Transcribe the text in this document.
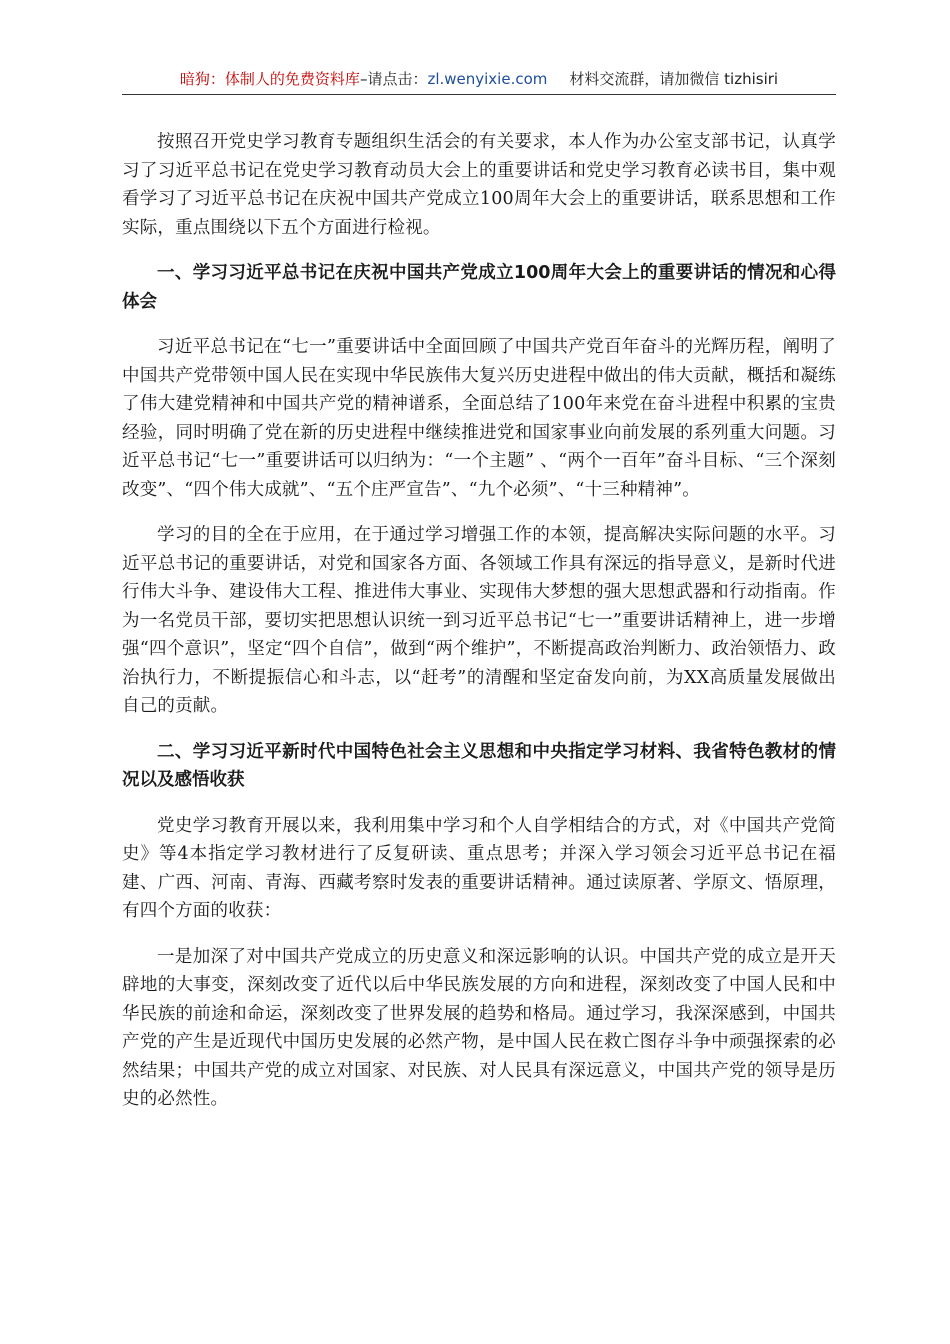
暗狗：体制人的免费资料库–请点击：zl.wenyixie.com 材料交流群，请加微信 tizhisiri

按照召开党史学习教育专题组织生活会的有关要求，本人作为办公室支部书记，认真学习了习近平总书记在党史学习教育动员大会上的重要讲话和党史学习教育必读书目，集中观看学习了习近平总书记在庆祝中国共产党成立100周年大会上的重要讲话，联系思想和工作实际，重点围绕以下五个方面进行检视。

一、学习习近平总书记在庆祝中国共产党成立100周年大会上的重要讲话的情况和心得体会

习近平总书记在“七一”重要讲话中全面回顾了中国共产党百年奋斗的光辉历程，阐明了中国共产党带领中国人民在实现中华民族伟大复兴历史进程中做出的伟大贡献，概括和凝练了伟大建党精神和中国共产党的精神谱系，全面总结了100年来党在奋斗进程中积累的宝贵经验，同时明确了党在新的历史进程中继续推进党和国家事业向前发展的系列重大问题。习近平总书记“七一”重要讲话可以归纳为：“一个主题” 、“两个一百年”奋斗目标、“三个深刻改变”、“四个伟大成就”、“五个庄严宣告”、“九个必须”、“十三种精神”。

学习的目的全在于应用，在于通过学习增强工作的本领，提高解决实际问题的水平。习近平总书记的重要讲话，对党和国家各方面、各领域工作具有深远的指导意义，是新时代进行伟大斗争、建设伟大工程、推进伟大事业、实现伟大梦想的强大思想武器和行动指南。作为一名党员干部，要切实把思想认识统一到习近平总书记“七一”重要讲话精神上，进一步增强“四个意识”，坚定“四个自信”，做到“两个维护”，不断提高政治判断力、政治领悟力、政治执行力，不断提振信心和斗志，以“赶考”的清醒和坚定奋发向前，为XX高质量发展做出自己的贡献。

二、学习习近平新时代中国特色社会主义思想和中央指定学习材料、我省特色教材的情况以及感悟收获

党史学习教育开展以来，我利用集中学习和个人自学相结合的方式，对《中国共产党简史》等4本指定学习教材进行了反复研读、重点思考；并深入学习领会习近平总书记在福建、广西、河南、青海、西藏考察时发表的重要讲话精神。通过读原著、学原文、悟原理，有四个方面的收获：

一是加深了对中国共产党成立的历史意义和深远影响的认识。中国共产党的成立是开天辟地的大事变，深刻改变了近代以后中华民族发展的方向和进程，深刻改变了中国人民和中华民族的前途和命运，深刻改变了世界发展的趋势和格局。通过学习，我深深感到，中国共产党的产生是近现代中国历史发展的必然产物，是中国人民在救亡图存斗争中顽强探索的必然结果；中国共产党的成立对国家、对民族、对人民具有深远意义，中国共产党的领导是历史的必然性。
